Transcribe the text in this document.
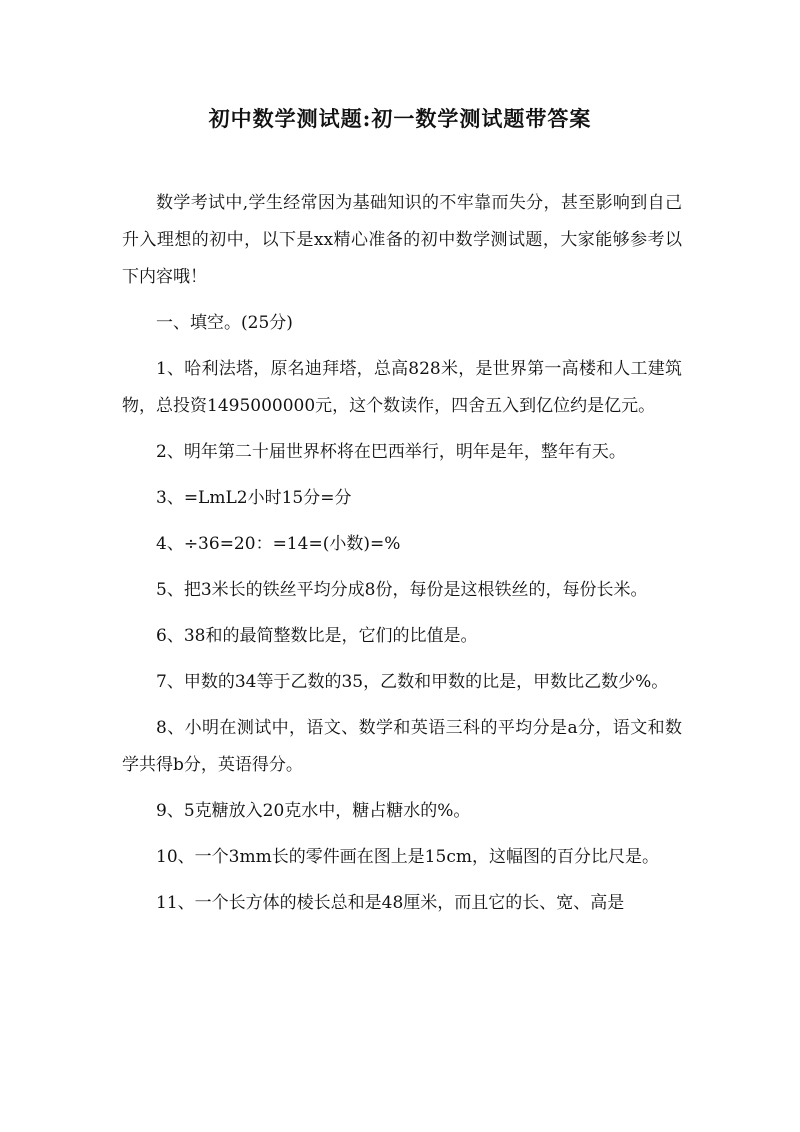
初中数学测试题:初一数学测试题带答案

数学考试中,学生经常因为基础知识的不牢靠而失分，甚至影响到自己升入理想的初中，以下是xx精心准备的初中数学测试题，大家能够参考以下内容哦！

一、填空。(25分)

1、哈利法塔，原名迪拜塔，总高828米，是世界第一高楼和人工建筑物，总投资1495000000元，这个数读作，四舍五入到亿位约是亿元。

2、明年第二十届世界杯将在巴西举行，明年是年，整年有天。

3、=LmL2小时15分=分

4、÷36=20：=14=(小数)=%

5、把3米长的铁丝平均分成8份，每份是这根铁丝的，每份长米。

6、38和的最简整数比是，它们的比值是。

7、甲数的34等于乙数的35，乙数和甲数的比是，甲数比乙数少%。

8、小明在测试中，语文、数学和英语三科的平均分是a分，语文和数学共得b分，英语得分。

9、5克糖放入20克水中，糖占糖水的%。

10、一个3mm长的零件画在图上是15cm，这幅图的百分比尺是。

11、一个长方体的棱长总和是48厘米，而且它的长、宽、高是
